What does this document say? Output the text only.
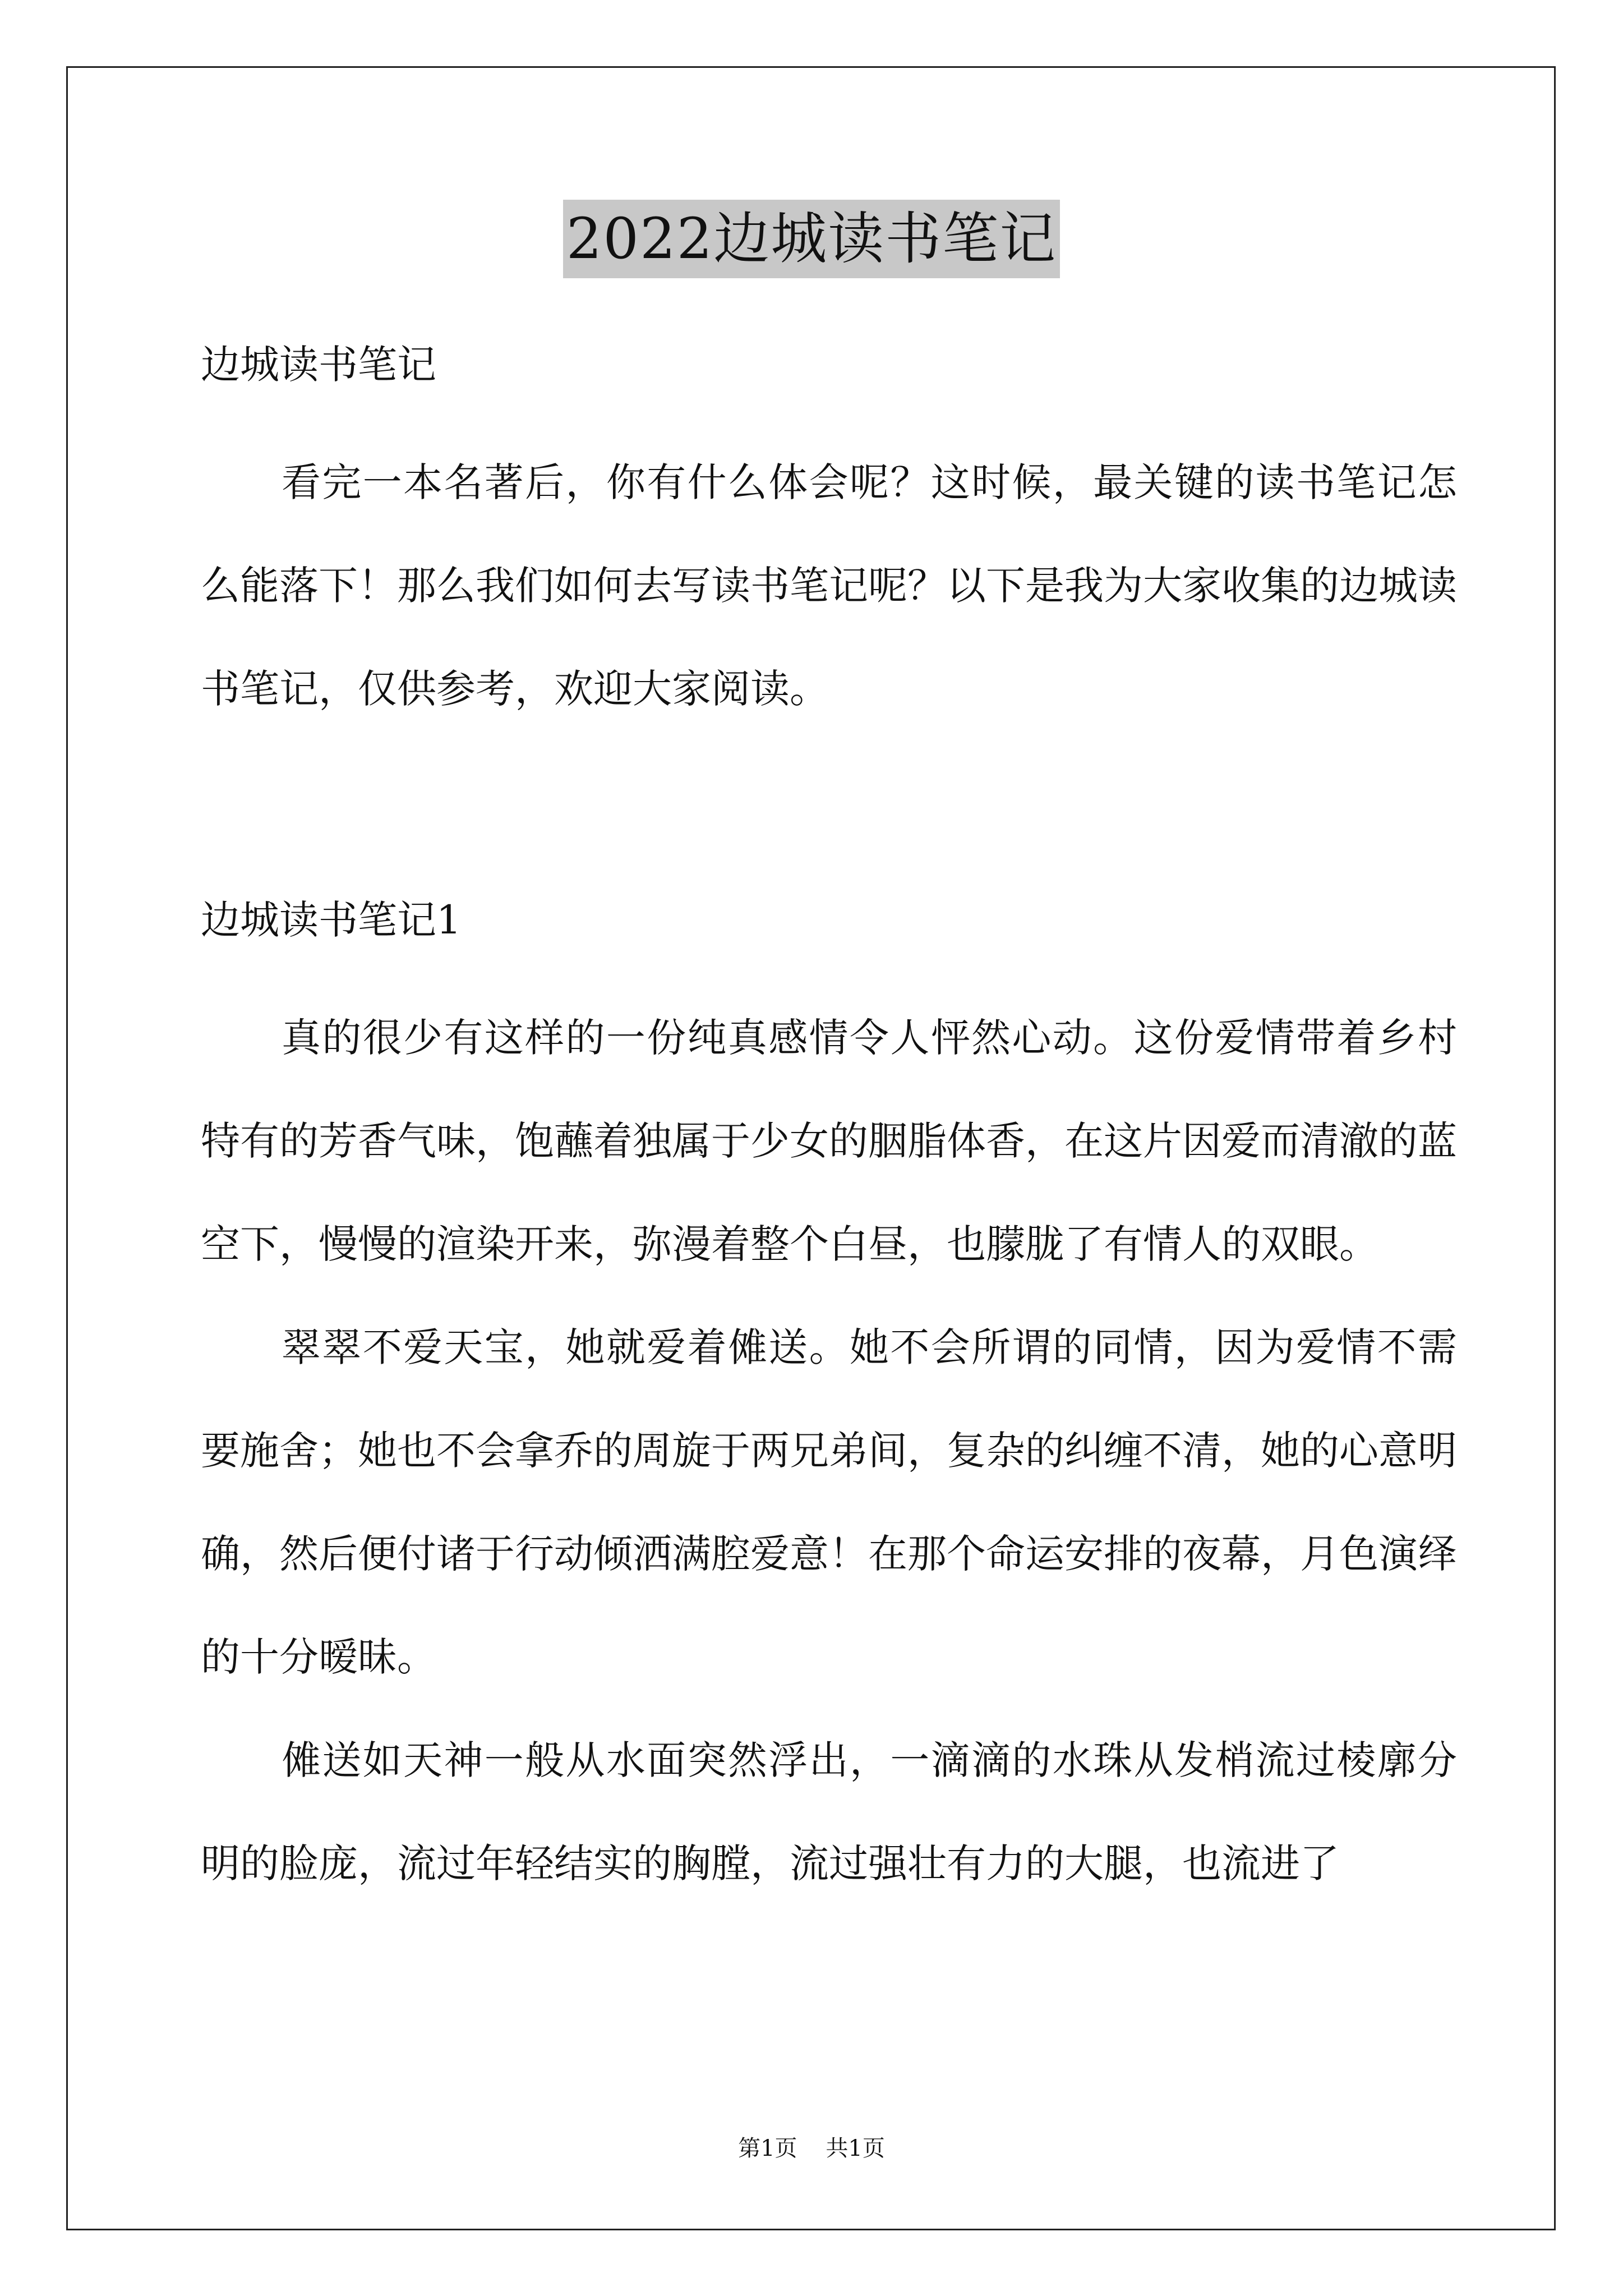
2022边城读书笔记

边城读书笔记

看完一本名著后，你有什么体会呢？这时候，最关键的读书笔记怎么能落下！那么我们如何去写读书笔记呢？以下是我为大家收集的边城读书笔记，仅供参考，欢迎大家阅读。

边城读书笔记1

真的很少有这样的一份纯真感情令人怦然心动。这份爱情带着乡村特有的芳香气味，饱蘸着独属于少女的胭脂体香，在这片因爱而清澈的蓝空下，慢慢的渲染开来，弥漫着整个白昼，也朦胧了有情人的双眼。

翠翠不爱天宝，她就爱着傩送。她不会所谓的同情，因为爱情不需要施舍；她也不会拿乔的周旋于两兄弟间，复杂的纠缠不清，她的心意明确，然后便付诸于行动倾洒满腔爱意！在那个命运安排的夜幕，月色演绎的十分暧昧。

傩送如天神一般从水面突然浮出，一滴滴的水珠从发梢流过棱廓分明的脸庞，流过年轻结实的胸膛，流过强壮有力的大腿，也流进了

第1页 共1页
